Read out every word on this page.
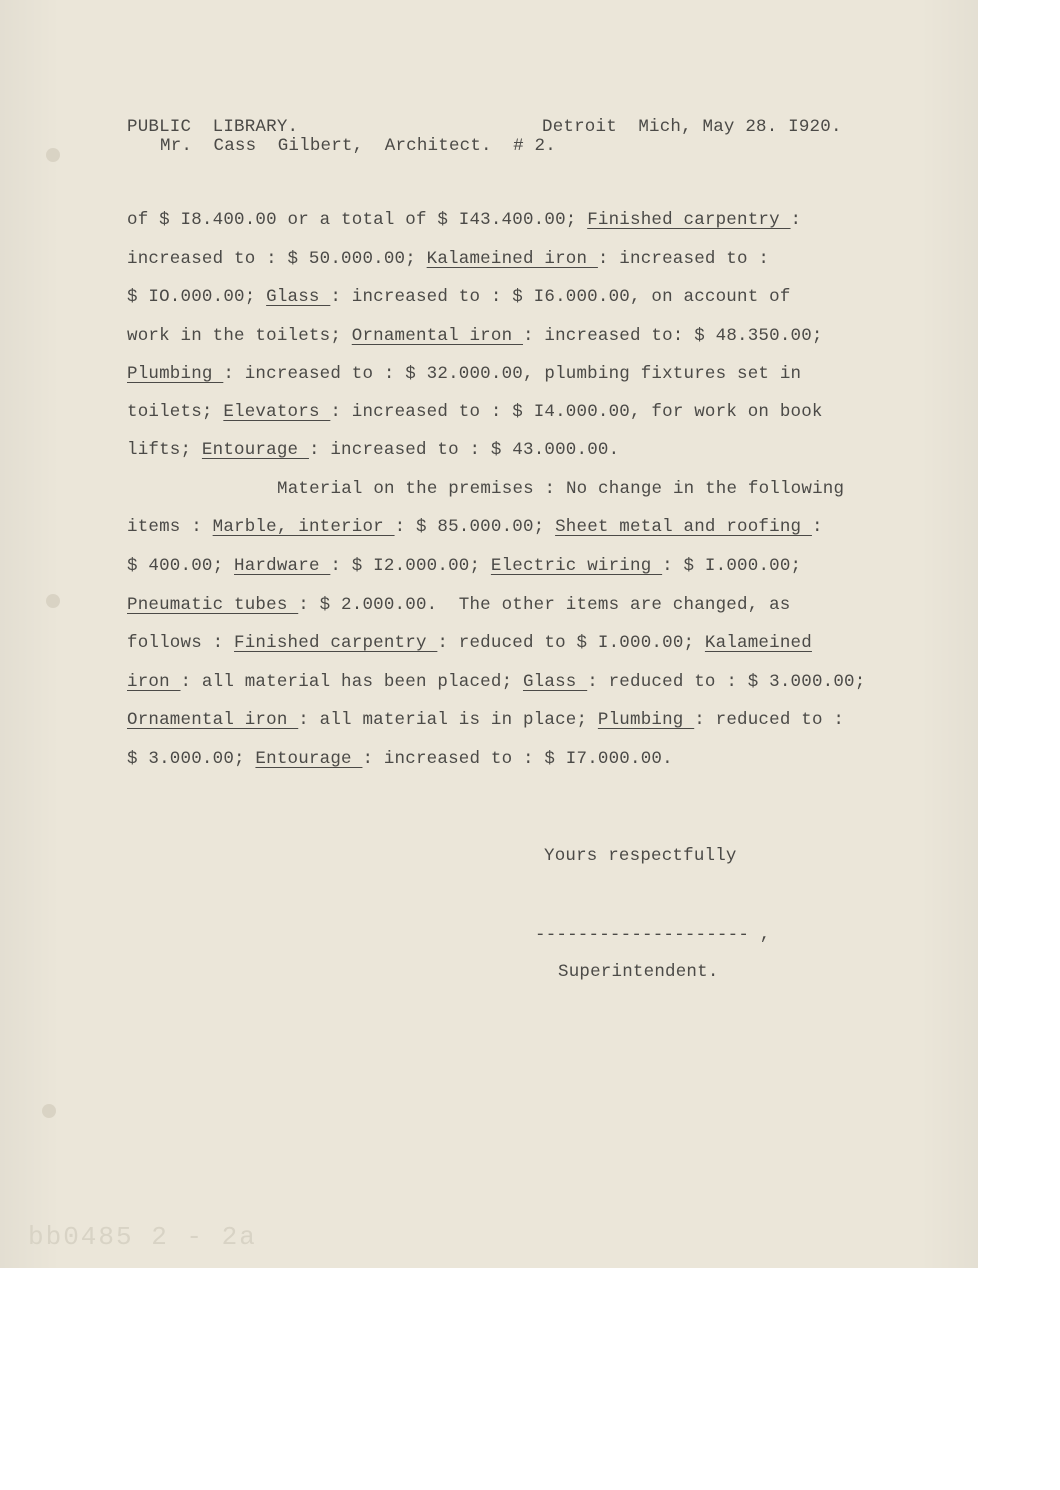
PUBLIC  LIBRARY.	Detroit  Mich, May 28. I920.
Mr.  Cass  Gilbert,  Architect.  # 2.
of $ I8.400.00 or a total of $ I43.400.00; Finished carpentry :
increased to : $ 50.000.00; Kalameined iron : increased to :
$ IO.000.00; Glass : increased to : $ I6.000.00, on account of
work in the toilets; Ornamental iron : increased to: $ 48.350.00;
Plumbing : increased to : $ 32.000.00, plumbing fixtures set in
toilets; Elevators : increased to : $ I4.000.00, for work on book
lifts; Entourage : increased to : $ 43.000.00.
Material on the premises : No change in the following
items : Marble, interior : $ 85.000.00; Sheet metal and roofing :
$ 400.00; Hardware : $ I2.000.00; Electric wiring : $ I.000.00;
Pneumatic tubes : $ 2.000.00.  The other items are changed, as
follows : Finished carpentry : reduced to $ I.000.00; Kalameined
iron : all material has been placed; Glass : reduced to : $ 3.000.00;
Ornamental iron : all material is in place; Plumbing : reduced to :
$ 3.000.00; Entourage : increased to : $ I7.000.00.
Yours respectfully
-------------------- ,
Superintendent.
bb0485 2 - 2a
